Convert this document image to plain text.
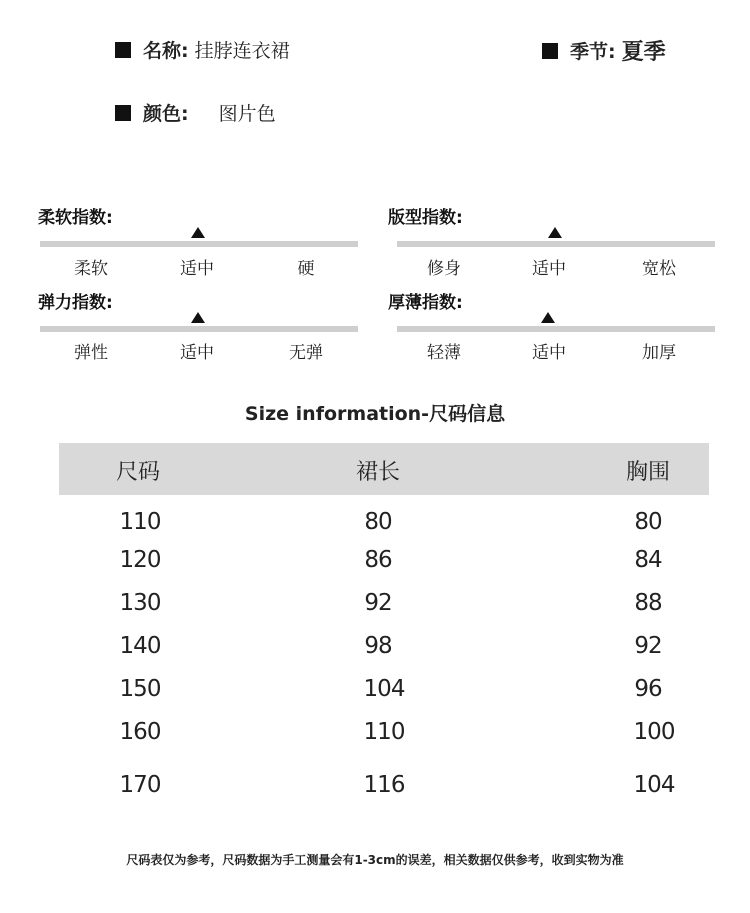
名称: 挂脖连衣裙	季节: 夏季
颜色: 图片色
柔软指数:
柔软	适中	硬
版型指数:
修身	适中	宽松
弹力指数:
弹性	适中	无弹
厚薄指数:
轻薄	适中	加厚
Size information-尺码信息
尺码	裙长	胸围
110	80	80
120	86	84
130	92	88
140	98	92
150	104	96
160	110	100
170	116	104
尺码表仅为参考，尺码数据为手工测量会有1-3cm的误差，相关数据仅供参考，收到实物为准
